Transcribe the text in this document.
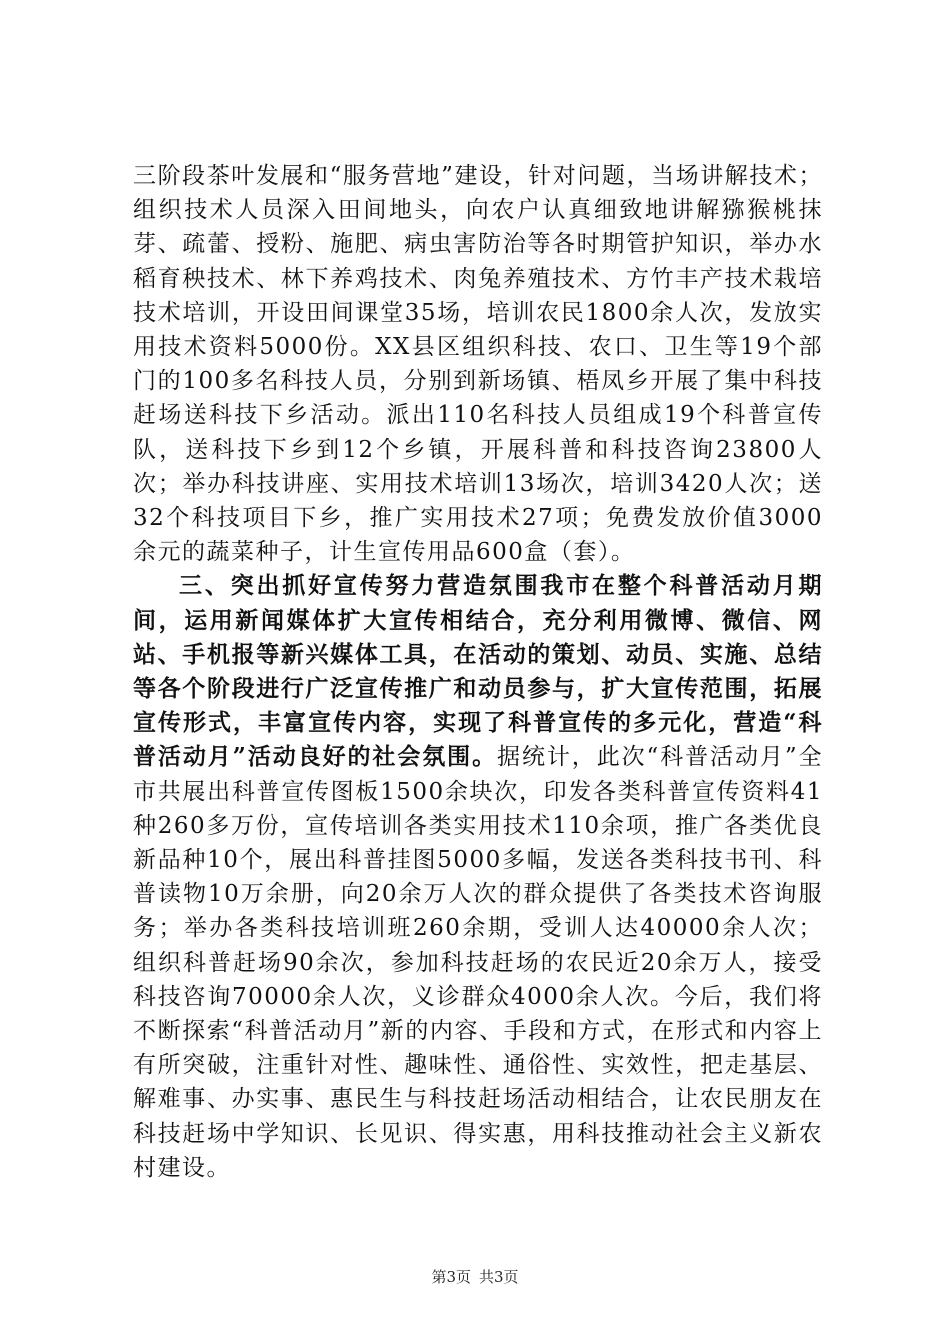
三阶段茶叶发展和“服务营地”建设，针对问题，当场讲解技术；组织技术人员深入田间地头，向农户认真细致地讲解猕猴桃抹芽、疏蕾、授粉、施肥、病虫害防治等各时期管护知识，举办水稻育秧技术、林下养鸡技术、肉兔养殖技术、方竹丰产技术栽培技术培训，开设田间课堂35场，培训农民1800余人次，发放实用技术资料5000份。XX县区组织科技、农口、卫生等19个部门的100多名科技人员，分别到新场镇、梧凤乡开展了集中科技赶场送科技下乡活动。派出110名科技人员组成19个科普宣传队，送科技下乡到12个乡镇，开展科普和科技咨询23800人次；举办科技讲座、实用技术培训13场次，培训3420人次；送32个科技项目下乡，推广实用技术27项；免费发放价值3000余元的蔬菜种子，计生宣传用品600盒（套）。

三、突出抓好宣传努力营造氛围我市在整个科普活动月期间，运用新闻媒体扩大宣传相结合，充分利用微博、微信、网站、手机报等新兴媒体工具，在活动的策划、动员、实施、总结等各个阶段进行广泛宣传推广和动员参与，扩大宣传范围，拓展宣传形式，丰富宣传内容，实现了科普宣传的多元化，营造“科普活动月”活动良好的社会氛围。据统计，此次“科普活动月”全市共展出科普宣传图板1500余块次，印发各类科普宣传资料41种260多万份，宣传培训各类实用技术110余项，推广各类优良新品种10个，展出科普挂图5000多幅，发送各类科技书刊、科普读物10万余册，向20余万人次的群众提供了各类技术咨询服务；举办各类科技培训班260余期，受训人达40000余人次；组织科普赶场90余次，参加科技赶场的农民近20余万人，接受科技咨询70000余人次，义诊群众4000余人次。今后，我们将不断探索“科普活动月”新的内容、手段和方式，在形式和内容上有所突破，注重针对性、趣味性、通俗性、实效性，把走基层、解难事、办实事、惠民生与科技赶场活动相结合，让农民朋友在科技赶场中学知识、长见识、得实惠，用科技推动社会主义新农村建设。

第3页 共3页
